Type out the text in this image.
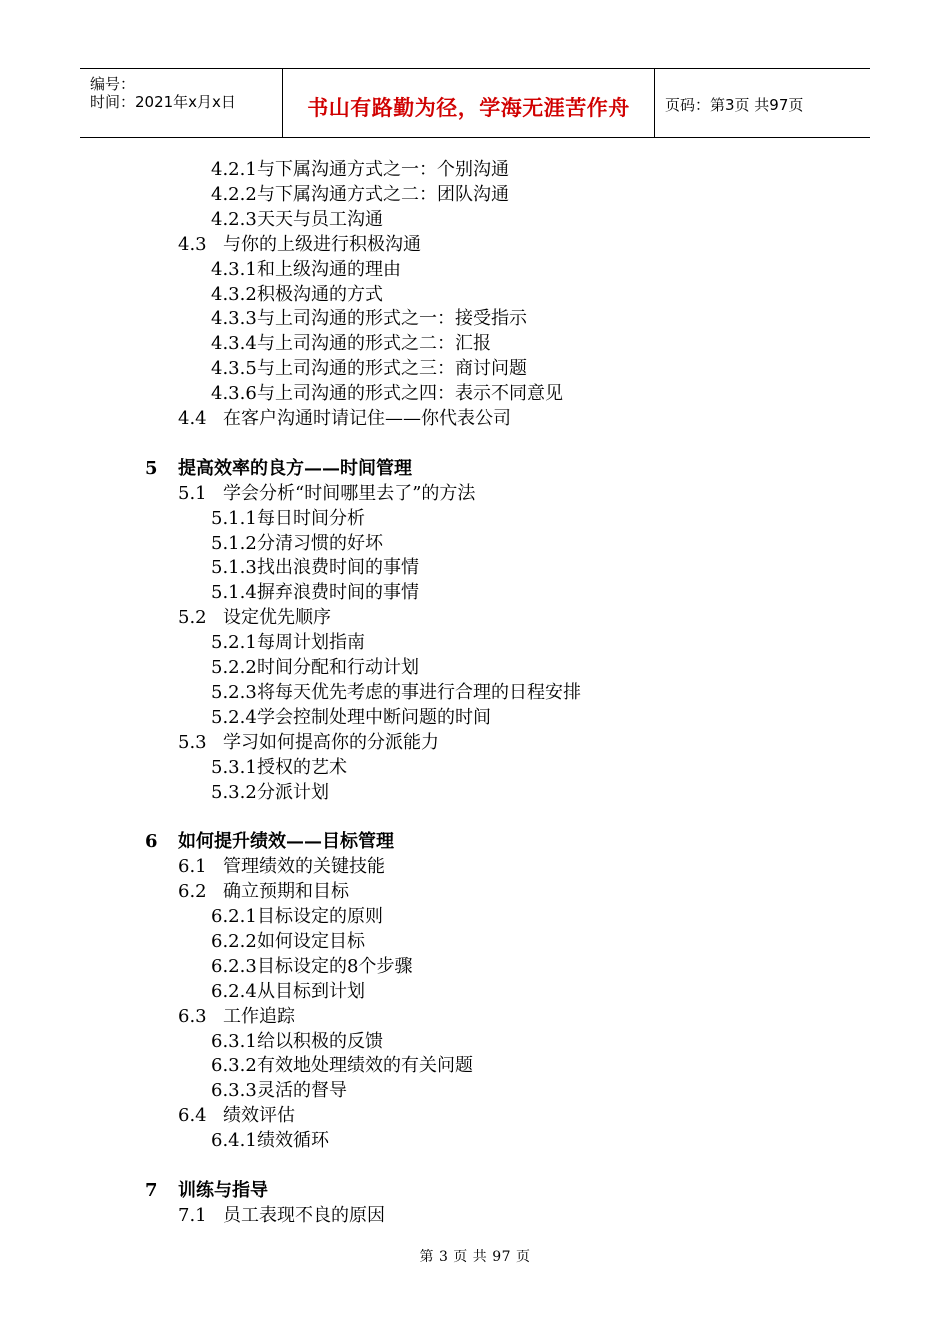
编号：
时间：2021年x月x日	书山有路勤为径，学海无涯苦作舟	页码：第3页 共97页
4.2.1 与下属沟通方式之一：个别沟通
4.2.2 与下属沟通方式之二：团队沟通
4.2.3 天天与员工沟通
4.3 与你的上级进行积极沟通
4.3.1 和上级沟通的理由
4.3.2 积极沟通的方式
4.3.3 与上司沟通的形式之一：接受指示
4.3.4 与上司沟通的形式之二：汇报
4.3.5 与上司沟通的形式之三：商讨问题
4.3.6 与上司沟通的形式之四：表示不同意见
4.4 在客户沟通时请记住——你代表公司
5 提高效率的良方——时间管理
5.1 学会分析“时间哪里去了”的方法
5.1.1 每日时间分析
5.1.2 分清习惯的好坏
5.1.3 找出浪费时间的事情
5.1.4 摒弃浪费时间的事情
5.2 设定优先顺序
5.2.1 每周计划指南
5.2.2 时间分配和行动计划
5.2.3 将每天优先考虑的事进行合理的日程安排
5.2.4 学会控制处理中断问题的时间
5.3 学习如何提高你的分派能力
5.3.1 授权的艺术
5.3.2 分派计划
6 如何提升绩效——目标管理
6.1 管理绩效的关键技能
6.2 确立预期和目标
6.2.1 目标设定的原则
6.2.2 如何设定目标
6.2.3 目标设定的8个步骤
6.2.4 从目标到计划
6.3 工作追踪
6.3.1 给以积极的反馈
6.3.2 有效地处理绩效的有关问题
6.3.3 灵活的督导
6.4 绩效评估
6.4.1 绩效循环
7 训练与指导
7.1 员工表现不良的原因
第 3 页 共 97 页
